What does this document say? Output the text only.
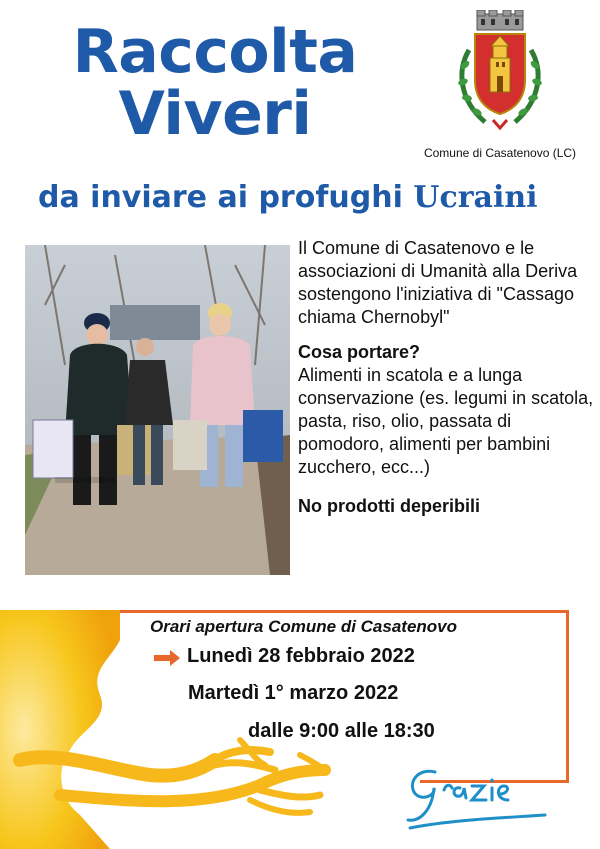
Raccolta
Viveri
da inviare ai profughi Ucraini
Comune di Casatenovo (LC)

Il Comune di Casatenovo e le associazioni di Umanità alla Deriva sostengono l'iniziativa di "Cassago chiama Chernobyl"

Cosa portare?

Alimenti in scatola e a lunga conservazione (es. legumi in scatola, pasta, riso, olio, passata di pomodoro, alimenti per bambini zucchero, ecc...)

No prodotti deperibili

Orari apertura Comune di Casatenovo
Lunedì 28 febbraio 2022
Martedì 1° marzo 2022
dalle 9:00 alle 18:30
